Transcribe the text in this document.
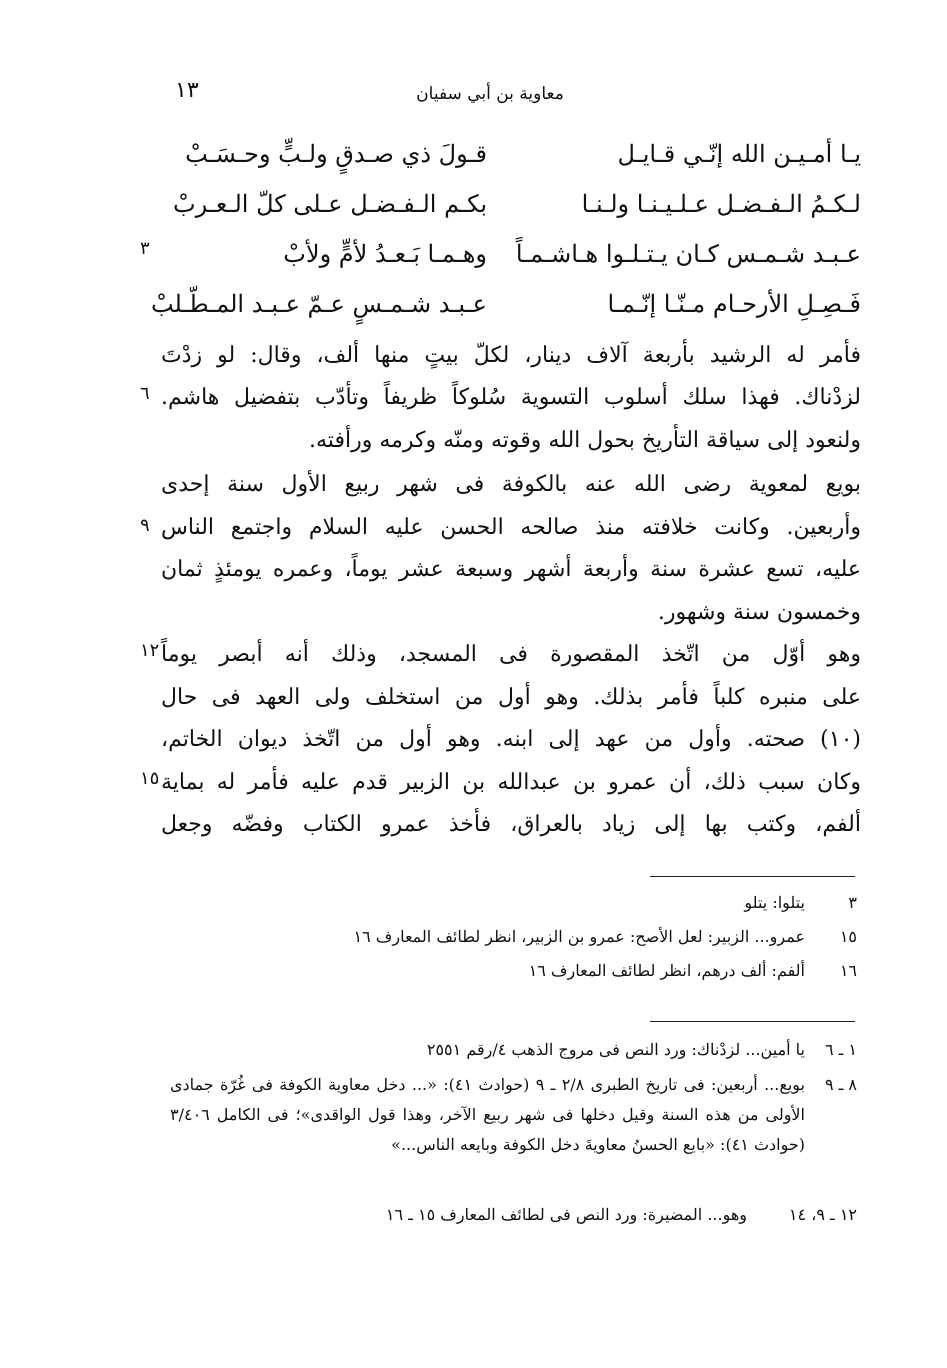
معاوية بن أبي سفيان
١٣
يـا أمـيـن الله إنّـي قـايـل
قـولَ ذي صـدقٍ ولـبٍّ وحـسَـبْ
لـكـمُ الـفـضـل عـلـيـنـا ولـنـا
بكـم الـفـضـل عـلى كلّ الـعـربْ
عـبـد شـمـس كـان يـتـلـوا هـاشـمـاً
وهـمـا بَـعـدُ لأمٍّ ولأبْ
٣
فَـصِـلِ الأرحـام مـنّـا إنّـمـا
عـبـد شـمـسٍ عـمّ عـبـد المـطّـلبْ
فأمر له الرشيد بأربعة آلاف دينار، لكلّ بيتٍ منها ألف، وقال: لو زدْتَ
لزدْناك. فهذا سلك أسلوب التسوية سُلوكاً ظريفاً وتأدّب بتفضيل هاشم.
٦
ولنعود إلى سياقة التأريخ بحول الله وقوته ومنّه وكرمه ورأفته.
بويع لمعوية رضى الله عنه بالكوفة فى شهر ربيع الأول سنة إحدى
وأربعين. وكانت خلافته منذ صالحه الحسن عليه السلام واجتمع الناس
٩
عليه، تسع عشرة سنة وأربعة أشهر وسبعة عشر يوماً، وعمره يومئذٍ ثمان
وخمسون سنة وشهور.
وهو أوّل من اتّخذ المقصورة فى المسجد، وذلك أنه أبصر يوماً
١٢
على منبره كلباً فأمر بذلك. وهو أول من استخلف ولى العهد فى حال
(١٠) صحته. وأول من عهد إلى ابنه. وهو أول من اتّخذ ديوان الخاتم،
وكان سبب ذلك، أن عمرو بن عبدالله بن الزبير قدم عليه فأمر له بماية
١٥
ألفم، وكتب بها إلى زياد بالعراق، فأخذ عمرو الكتاب وفضّه وجعل
٣
يتلوا: يتلو
١٥
عمرو... الزبير: لعل الأصح: عمرو بن الزبير، انظر لطائف المعارف ١٦
١٦
ألفم: ألف درهم، انظر لطائف المعارف ١٦
١ ـ ٦
يا أمين... لزدْناك: ورد النص فى مروج الذهب ٤/رقم ٢٥٥١
٨ ـ ٩
بويع... أربعين: فى تاريخ الطبرى ٢/٨ ـ ٩ (حوادث ٤١): «... دخل معاوية الكوفة فى غُرّة جمادى الأولى من هذه السنة وقيل دخلها فى شهر ربيع الآخر، وهذا قول الواقدى»؛ فى الكامل ٣/٤٠٦ (حوادث ٤١): «بايع الحسنُ معاويةَ دخل الكوفة وبايعه الناس...»
١٢ ـ ٩، ١٤
وهو... المضيرة: ورد النص فى لطائف المعارف ١٥ ـ ١٦
